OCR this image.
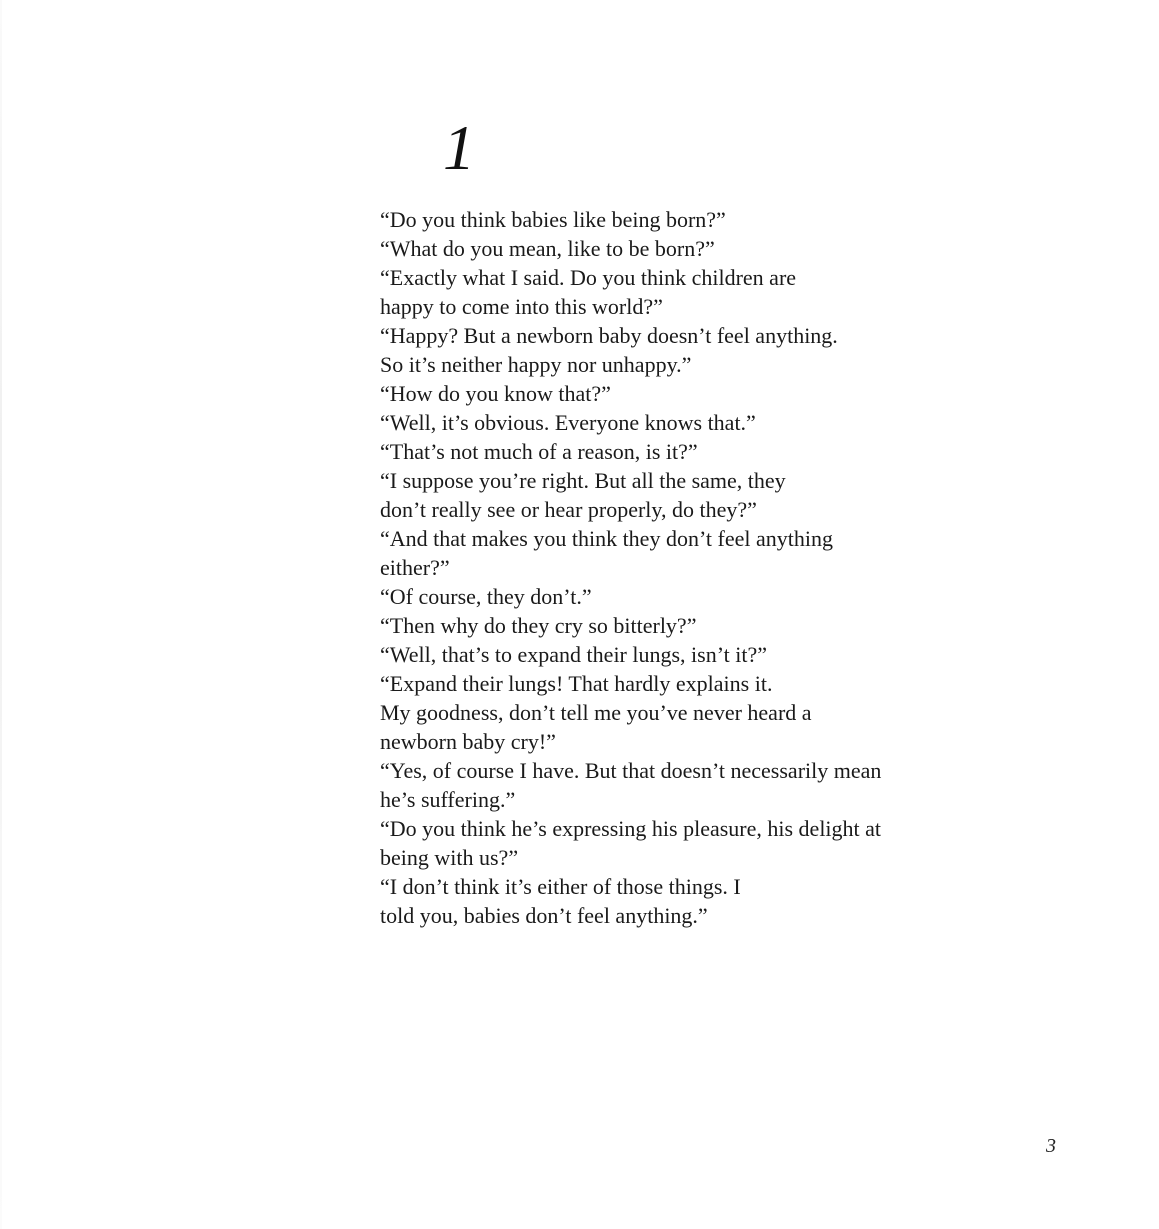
1
“Do you think babies like being born?”
“What do you mean, like to be born?”
“Exactly what I said. Do you think children are
happy to come into this world?”
“Happy? But a newborn baby doesn’t feel anything.
So it’s neither happy nor unhappy.”
“How do you know that?”
“Well, it’s obvious. Everyone knows that.”
“That’s not much of a reason, is it?”
“I suppose you’re right. But all the same, they
don’t really see or hear properly, do they?”
“And that makes you think they don’t feel anything
either?”
“Of course, they don’t.”
“Then why do they cry so bitterly?”
“Well, that’s to expand their lungs, isn’t it?”
“Expand their lungs! That hardly explains it.
My goodness, don’t tell me you’ve never heard a
newborn baby cry!”
“Yes, of course I have. But that doesn’t necessarily mean
he’s suffering.”
“Do you think he’s expressing his pleasure, his delight at
being with us?”
“I don’t think it’s either of those things. I
told you, babies don’t feel anything.”
3
